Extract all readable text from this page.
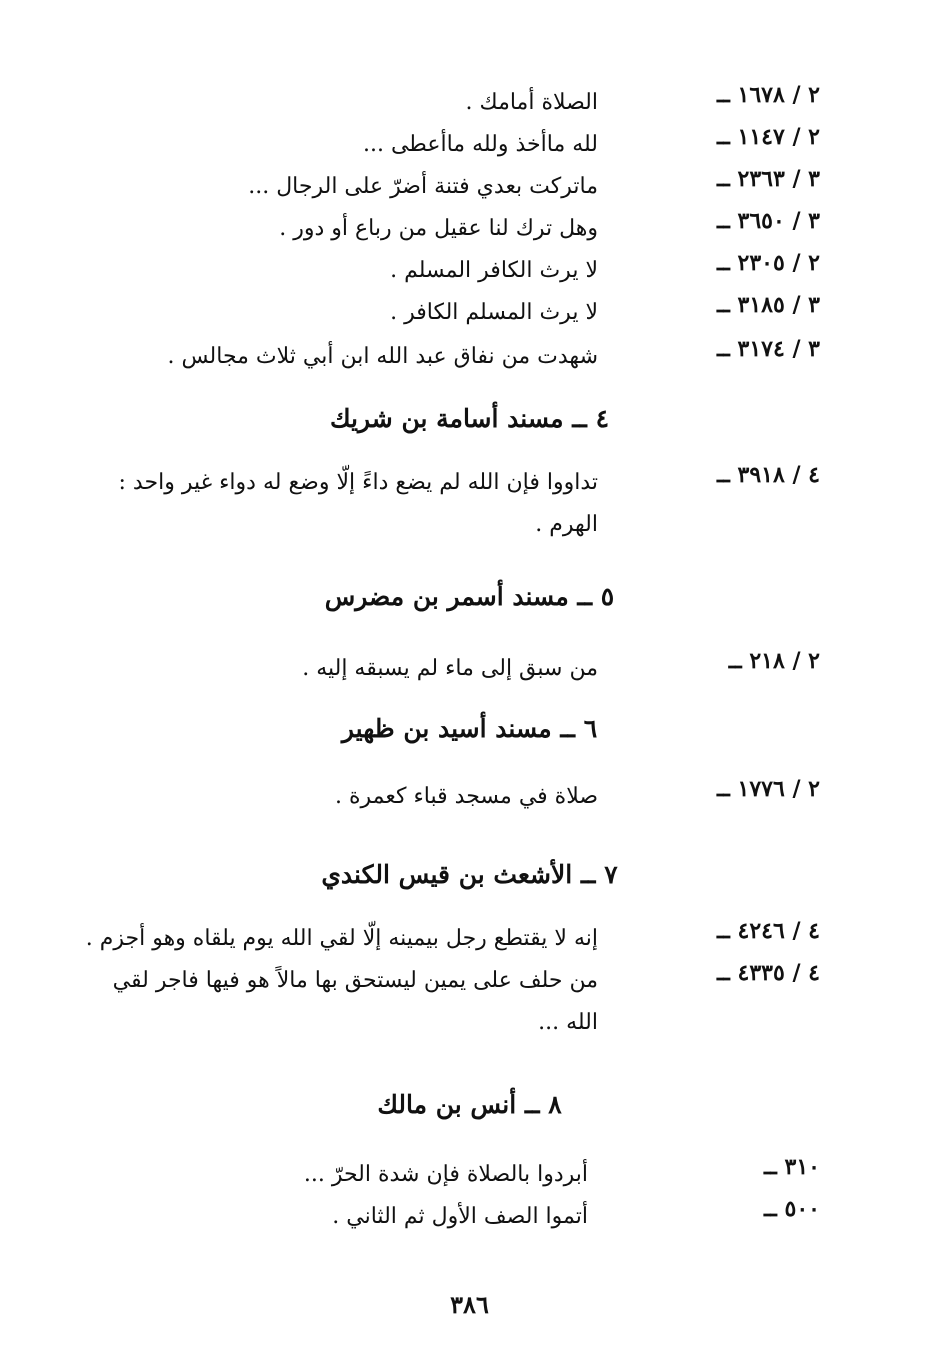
٢ / ١٦٧٨ ــ
الصلاة أمامك .
٢ / ١١٤٧ ــ
لله ماأخذ ولله ماأعطى ...
٣ / ٢٣٦٣ ــ
ماتركت بعدي فتنة أضرّ على الرجال ...
٣ / ٣٦٥٠ ــ
وهل ترك لنا عقيل من رباع أو دور .
٢ / ٢٣٠٥ ــ
لا يرث الكافر المسلم .
٣ / ٣١٨٥ ــ
لا يرث المسلم الكافر .
٣ / ٣١٧٤ ــ
شهدت من نفاق عبد الله ابن أبي ثلاث مجالس .
٤ ــ مسند أسامة بن شريك
٤ / ٣٩١٨ ــ
تداووا فإن الله لم يضع داءً إلّا وضع له دواء غير واحد : الهرم .
٥ ــ مسند أسمر بن مضرس
٢ / ٢١٨ ــ
من سبق إلى ماء لم يسبقه إليه .
٦ ــ مسند أسيد بن ظهير
٢ / ١٧٧٦ ــ
صلاة في مسجد قباء كعمرة .
٧ ــ الأشعث بن قيس الكندي
٤ / ٤٢٤٦ ــ
إنه لا يقتطع رجل بيمينه إلّا لقي الله يوم يلقاه وهو أجزم .
٤ / ٤٣٣٥ ــ
من حلف على يمين ليستحق بها مالاً هو فيها فاجر لقي الله ...
٨ ــ أنس بن مالك
٣١٠ ــ
أبردوا بالصلاة فإن شدة الحرّ ...
٥٠٠ ــ
أتموا الصف الأول ثم الثاني .
٣٨٦
